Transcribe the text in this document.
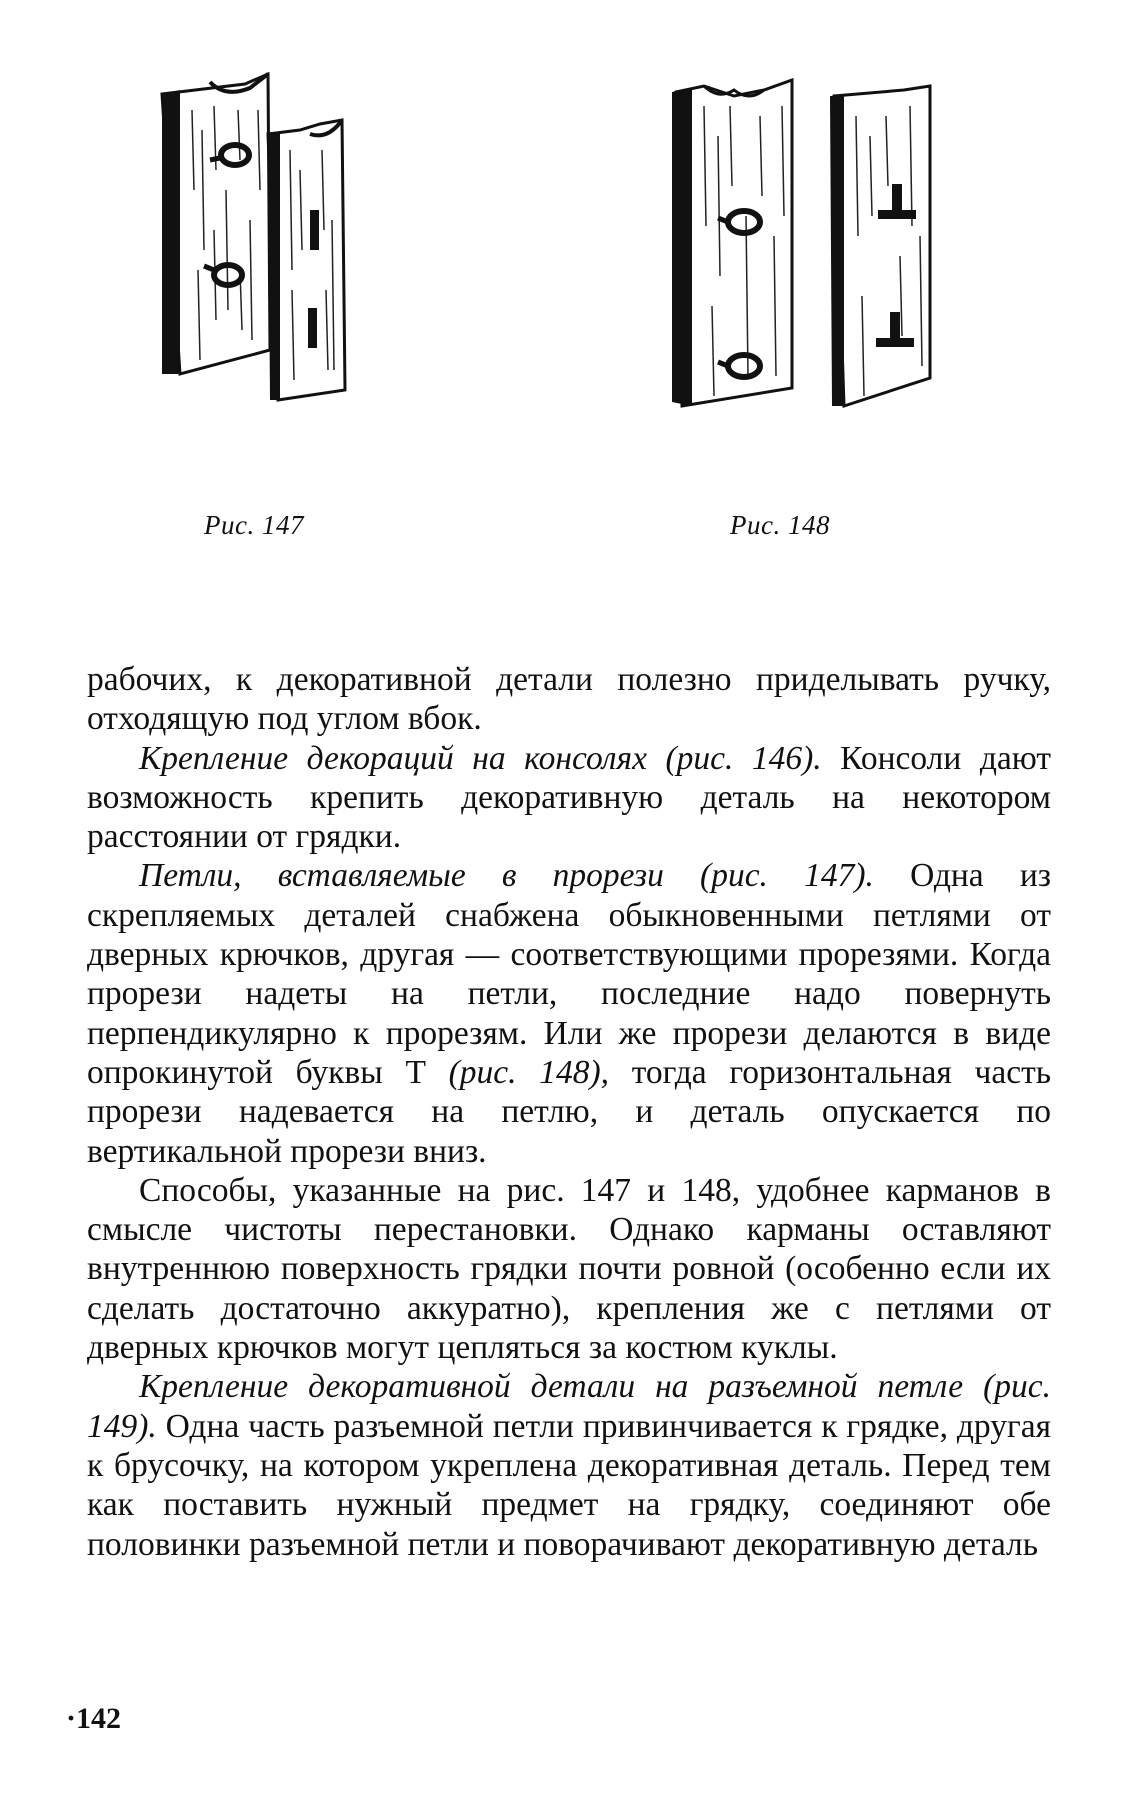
Рис. 147	Рис. 148

рабочих, к декоративной детали полезно приделывать ручку, отходящую под углом вбок.

Крепление декораций на консолях (рис. 146). Консоли дают возможность крепить декоративную деталь на некотором расстоянии от грядки.

Петли, вставляемые в прорези (рис. 147). Одна из скрепляемых деталей снабжена обыкновенными петлями от дверных крючков, другая — соответствующими прорезями. Когда прорези надеты на петли, последние надо повернуть перпендикулярно к прорезям. Или же прорези делаются в виде опрокинутой буквы Т (рис. 148), тогда горизонтальная часть прорези надевается на петлю, и деталь опускается по вертикальной прорези вниз.

Способы, указанные на рис. 147 и 148, удобнее карманов в смысле чистоты перестановки. Однако карманы оставляют внутреннюю поверхность грядки почти ровной (особенно если их сделать достаточно аккуратно), крепления же с петлями от дверных крючков могут цепляться за костюм куклы.

Крепление декоративной детали на разъемной петле (рис. 149). Одна часть разъемной петли привинчивается к грядке, другая к брусочку, на котором укреплена декоративная деталь. Перед тем как поставить нужный предмет на грядку, соединяют обе половинки разъемной петли и поворачивают декоративную деталь

·142
